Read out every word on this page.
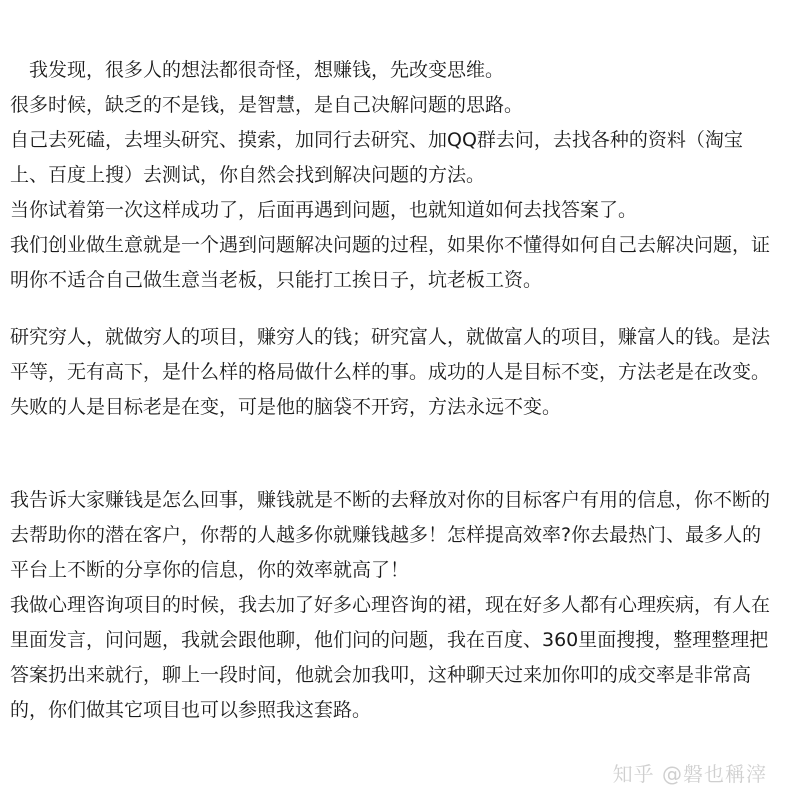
　我发现，很多人的想法都很奇怪，想赚钱，先改变思维。

很多时候，缺乏的不是钱，是智慧，是自己决解问题的思路。

自己去死磕，去埋头研究、摸索，加同行去研究、加QQ群去问，去找各种的资料（淘宝上、百度上搜）去测试，你自然会找到解决问题的方法。

当你试着第一次这样成功了，后面再遇到问题，也就知道如何去找答案了。

我们创业做生意就是一个遇到问题解决问题的过程，如果你不懂得如何自己去解决问题，证明你不适合自己做生意当老板，只能打工挨日子，坑老板工资。

研究穷人，就做穷人的项目，赚穷人的钱；研究富人，就做富人的项目，赚富人的钱。是法平等，无有高下，是什么样的格局做什么样的事。成功的人是目标不变，方法老是在改变。 失败的人是目标老是在变，可是他的脑袋不开窍，方法永远不变。

我告诉大家赚钱是怎么回事，赚钱就是不断的去释放对你的目标客户有用的信息，你不断的去帮助你的潜在客户，你帮的人越多你就赚钱越多！怎样提高效率?你去最热门、最多人的平台上不断的分享你的信息，你的效率就高了！

我做心理咨询项目的时候，我去加了好多心理咨询的裙，现在好多人都有心理疾病，有人在里面发言，问问题，我就会跟他聊，他们问的问题，我在百度、360里面搜搜，整理整理把答案扔出来就行，聊上一段时间，他就会加我叩，这种聊天过来加你叩的成交率是非常高的，你们做其它项目也可以参照我这套路。

知乎 @磐也稱滓
